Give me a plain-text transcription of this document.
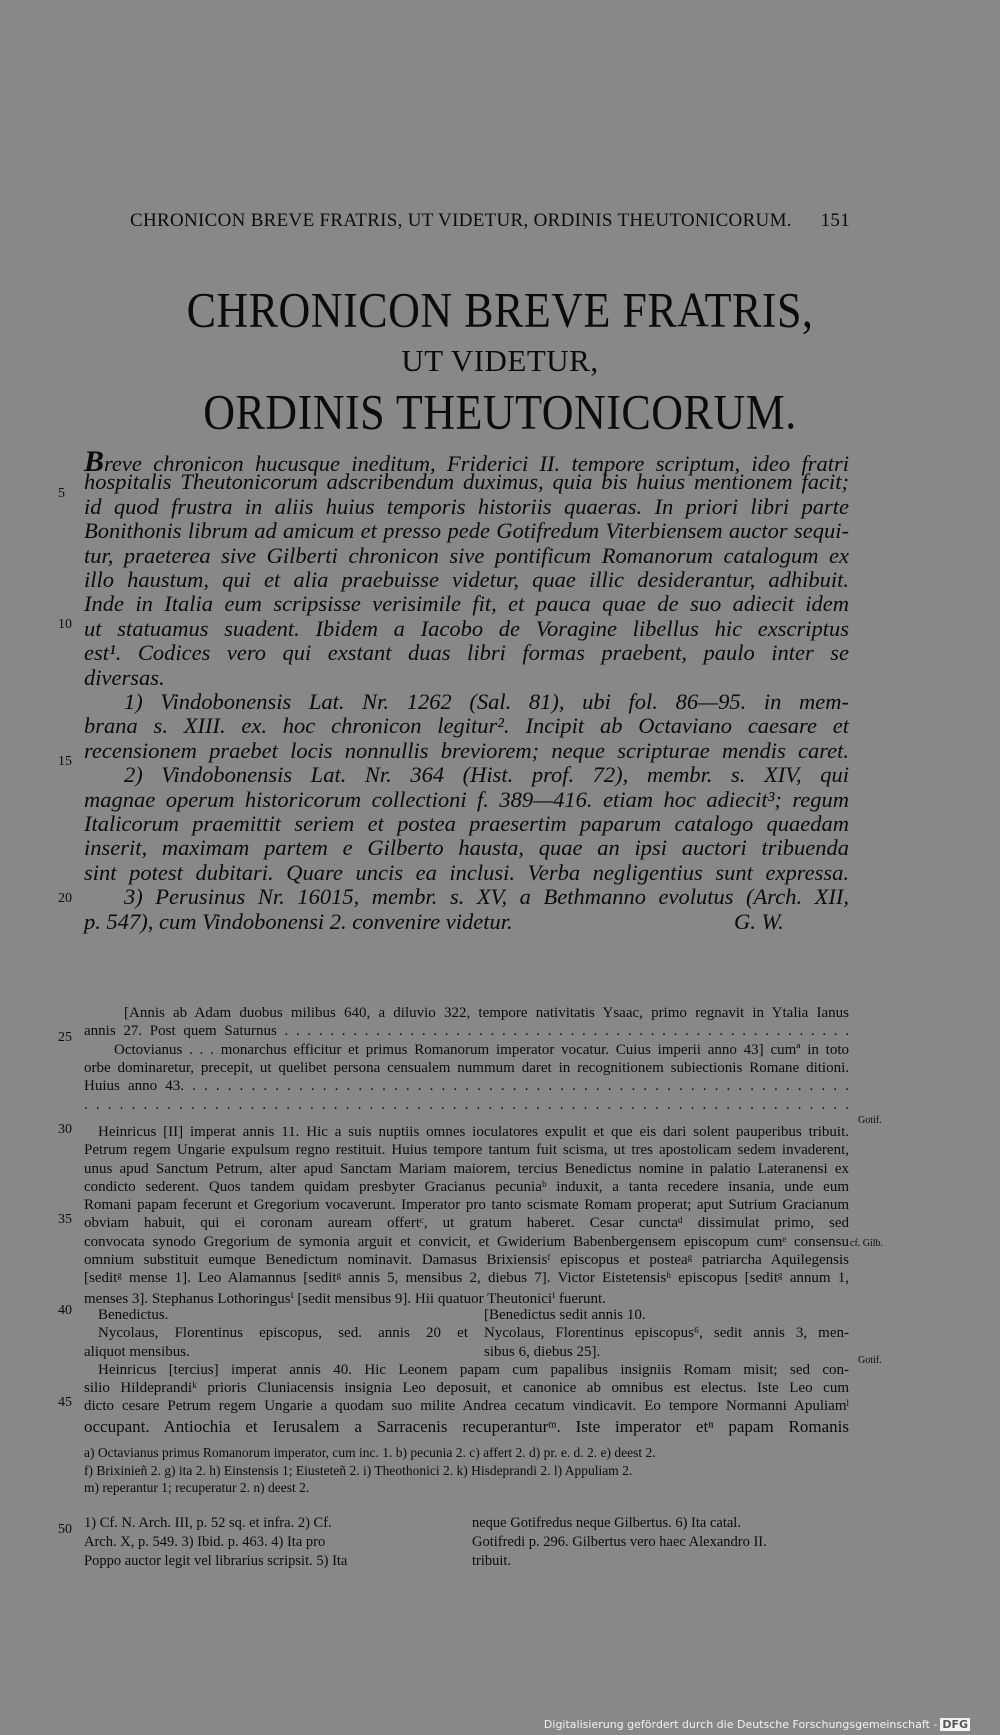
CHRONICON BREVE FRATRIS, UT VIDETUR, ORDINIS THEUTONICORUM. 151
CHRONICON BREVE FRATRIS,
UT VIDETUR,
ORDINIS THEUTONICORUM.
Breve chronicon hucusque ineditum, Friderici II. tempore scriptum, ideo fratri
hospitalis Theutonicorum adscribendum duximus, quia bis huius mentionem facit;
id quod frustra in aliis huius temporis historiis quaeras. In priori libri parte
Bonithonis librum ad amicum et presso pede Gotifredum Viterbiensem auctor sequi-
tur, praeterea sive Gilberti chronicon sive pontificum Romanorum catalogum ex
illo haustum, qui et alia praebuisse videtur, quae illic desiderantur, adhibuit.
Inde in Italia eum scripsisse verisimile fit, et pauca quae de suo adiecit idem
ut statuamus suadent. Ibidem a Iacobo de Voragine libellus hic exscriptus
est¹. Codices vero qui exstant duas libri formas praebent, paulo inter se
diversas.
1) Vindobonensis Lat. Nr. 1262 (Sal. 81), ubi fol. 86—95. in mem-
brana s. XIII. ex. hoc chronicon legitur². Incipit ab Octaviano caesare et
recensionem praebet locis nonnullis breviorem; neque scripturae mendis caret.
2) Vindobonensis Lat. Nr. 364 (Hist. prof. 72), membr. s. XIV, qui
magnae operum historicorum collectioni f. 389—416. etiam hoc adiecit³; regum
Italicorum praemittit seriem et postea praesertim paparum catalogo quaedam
inserit, maximam partem e Gilberto hausta, quae an ipsi auctori tribuenda
sint potest dubitari. Quare uncis ea inclusi. Verba negligentius sunt expressa.
3) Perusinus Nr. 16015, membr. s. XV, a Bethmanno evolutus (Arch. XII,
p. 547), cum Vindobonensi 2. convenire videtur.	G. W.
[Annis ab Adam duobus milibus 640, a diluvio 322, tempore nativitatis Ysaac, primo regnavit in Ytalia Ianus
annis 27. Post quem Saturnus . . . . . . . . . . . . . . . . . . . . . . . . . . . . . . . . . . . . . . . . . . . . . . . . . .
Octovianus . . . monarchus efficitur et primus Romanorum imperator vocatur. Cuius imperii anno 43] cumª in toto
orbe dominaretur, precepit, ut quelibet persona censualem nummum daret in recognitionem subiectionis Romane ditioni.
Huius anno 43. . . . . . . . . . . . . . . . . . . . . . . . . . . . . . . . . . . . . . . . . . . . . . . . . . . . . . . . .
. . . . . . . . . . . . . . . . . . . . . . . . . . . . . . . . . . . . . . . . . . . . . . . . . . . . . . . . . . . . . . . . .
Heinricus [II] imperat annis 11. Hic a suis nuptiis omnes ioculatores expulit et que eis dari solent pauperibus tribuit.
Petrum regem Ungarie expulsum regno restituit. Huius tempore tantum fuit scisma, ut tres apostolicam sedem invaderent,
unus apud Sanctum Petrum, alter apud Sanctam Mariam maiorem, tercius Benedictus nomine in palatio Lateranensi ex
condicto sederent. Quos tandem quidam presbyter Gracianus pecuniaᵇ induxit, a tanta recedere insania, unde eum
Romani papam fecerunt et Gregorium vocaverunt. Imperator pro tanto scismate Romam properat; aput Sutrium Gracianum
obviam habuit, qui ei coronam auream offertᶜ, ut gratum haberet. Cesar cunctaᵈ dissimulat primo, sed
convocata synodo Gregorium de symonia arguit et convicit, et Gwiderium Babenbergensem episcopum cumᵉ consensu
omnium substituit eumque Benedictum nominavit. Damasus Brixiensisᶠ episcopus et posteaᵍ patriarcha Aquilegensis
[seditᵍ mense 1]. Leo Alamannus [seditᵍ annis 5, mensibus 2, diebus 7]. Victor Eistetensisʰ episcopus [seditᵍ annum 1,
menses 3]. Stephanus Lothoringusⁱ [sedit mensibus 9]. Hii quatuor Theutoniciⁱ fuerunt.
Benedictus.	[Benedictus sedit annis 10.
Nycolaus, Florentinus episcopus, sed. annis 20 et Nycolaus, Florentinus episcopus⁶, sedit annis 3, men-
aliquot mensibus.	sibus 6, diebus 25].
Heinricus [tercius] imperat annis 40. Hic Leonem papam cum papalibus insigniis Romam misit; sed con-
silio Hildeprandiᵏ prioris Cluniacensis insignia Leo deposuit, et canonice ab omnibus est electus. Iste Leo cum
dicto cesare Petrum regem Ungarie a quodam suo milite Andrea cecatum vindicavit. Eo tempore Normanni Apuliamˡ
occupant. Antiochia et Ierusalem a Sarracenis recuperanturᵐ. Iste imperator etⁿ papam Romanis
a) Octavianus primus Romanorum imperator, cum inc. 1. b) pecunia 2. c) affert 2. d) pr. e. d. 2. e) deest 2.
f) Brixinieñ 2. g) ita 2. h) Einstensis 1; Eiusteteñ 2. i) Theothonici 2. k) Hisdeprandi 2. l) Appuliam 2.
m) reperantur 1; recuperatur 2. n) deest 2.
1) Cf. N. Arch. III, p. 52 sq. et infra. 2) Cf.
Arch. X, p. 549. 3) Ibid. p. 463. 4) Ita pro
Poppo auctor legit vel librarius scripsit. 5) Ita
neque Gotifredus neque Gilbertus. 6) Ita catal.
Gotifredi p. 296. Gilbertus vero haec Alexandro II.
tribuit.
5
10
15
20
25
30
35
40
45
50
Gotif.
cf. Gilb.
Gotif.
Digitalisierung gefördert durch die Deutsche Forschungsgemeinschaft - DFG
